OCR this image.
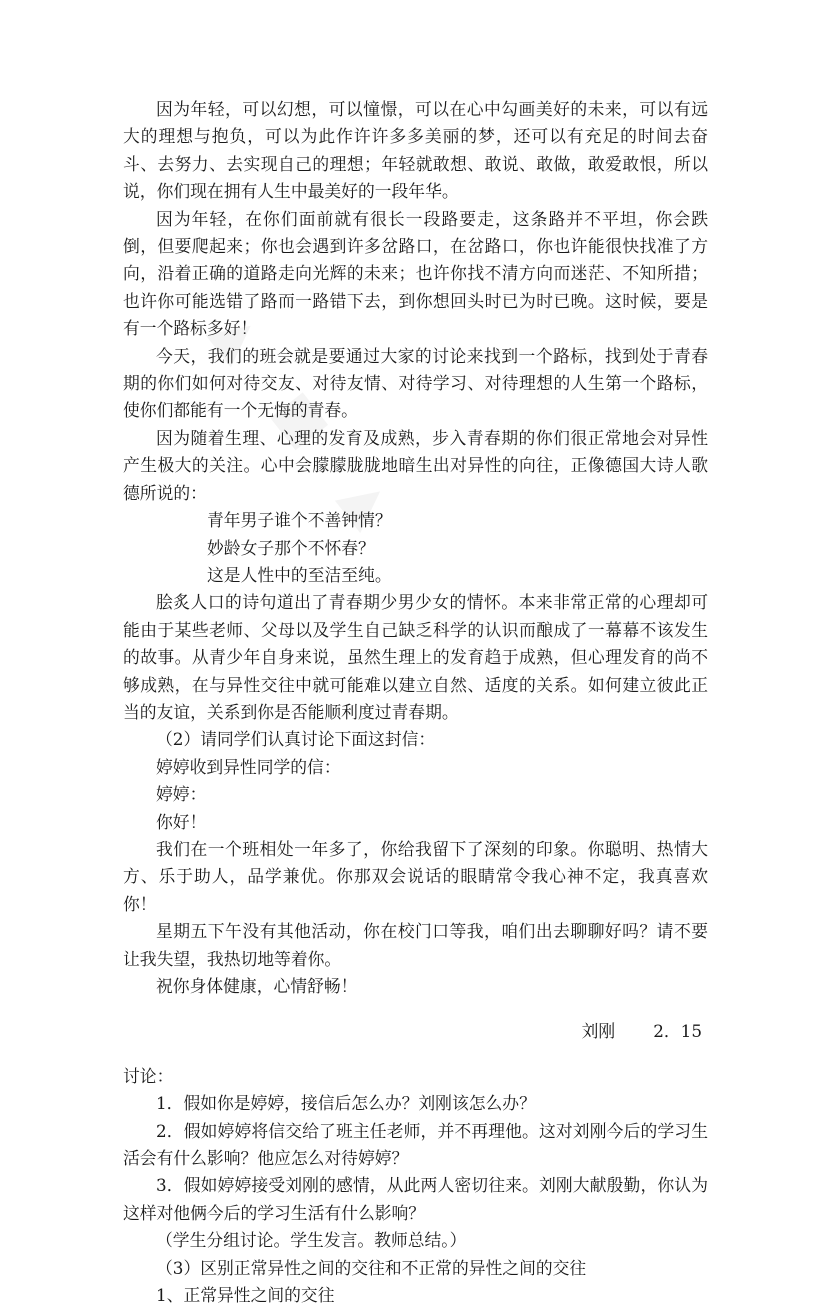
因为年轻，可以幻想，可以憧憬，可以在心中勾画美好的未来，可以有远大的理想与抱负，可以为此作许许多多美丽的梦，还可以有充足的时间去奋斗、去努力、去实现自己的理想；年轻就敢想、敢说、敢做，敢爱敢恨，所以说，你们现在拥有人生中最美好的一段年华。

因为年轻，在你们面前就有很长一段路要走，这条路并不平坦，你会跌倒，但要爬起来；你也会遇到许多岔路口，在岔路口，你也许能很快找准了方向，沿着正确的道路走向光辉的未来；也许你找不清方向而迷茫、不知所措；也许你可能选错了路而一路错下去，到你想回头时已为时已晚。这时候，要是有一个路标多好！

今天，我们的班会就是要通过大家的讨论来找到一个路标，找到处于青春期的你们如何对待交友、对待友情、对待学习、对待理想的人生第一个路标，使你们都能有一个无悔的青春。

因为随着生理、心理的发育及成熟，步入青春期的你们很正常地会对异性产生极大的关注。心中会朦朦胧胧地暗生出对异性的向往，正像德国大诗人歌德所说的：

青年男子谁个不善钟情？

妙龄女子那个不怀春？

这是人性中的至洁至纯。

脍炙人口的诗句道出了青春期少男少女的情怀。本来非常正常的心理却可能由于某些老师、父母以及学生自己缺乏科学的认识而酿成了一幕幕不该发生的故事。从青少年自身来说，虽然生理上的发育趋于成熟，但心理发育的尚不够成熟，在与异性交往中就可能难以建立自然、适度的关系。如何建立彼此正当的友谊，关系到你是否能顺利度过青春期。

（2）请同学们认真讨论下面这封信：

婷婷收到异性同学的信：

婷婷：

你好！

我们在一个班相处一年多了，你给我留下了深刻的印象。你聪明、热情大方、乐于助人，品学兼优。你那双会说话的眼睛常令我心神不定，我真喜欢你！

星期五下午没有其他活动，你在校门口等我，咱们出去聊聊好吗？请不要让我失望，我热切地等着你。

祝你身体健康，心情舒畅！

刘刚 2．15

讨论：

1．假如你是婷婷，接信后怎么办？刘刚该怎么办？

2．假如婷婷将信交给了班主任老师，并不再理他。这对刘刚今后的学习生活会有什么影响？他应怎么对待婷婷？

3．假如婷婷接受刘刚的感情，从此两人密切往来。刘刚大献殷勤，你认为这样对他俩今后的学习生活有什么影响？

（学生分组讨论。学生发言。教师总结。）

（3）区别正常异性之间的交往和不正常的异性之间的交往

1、正常异性之间的交往
